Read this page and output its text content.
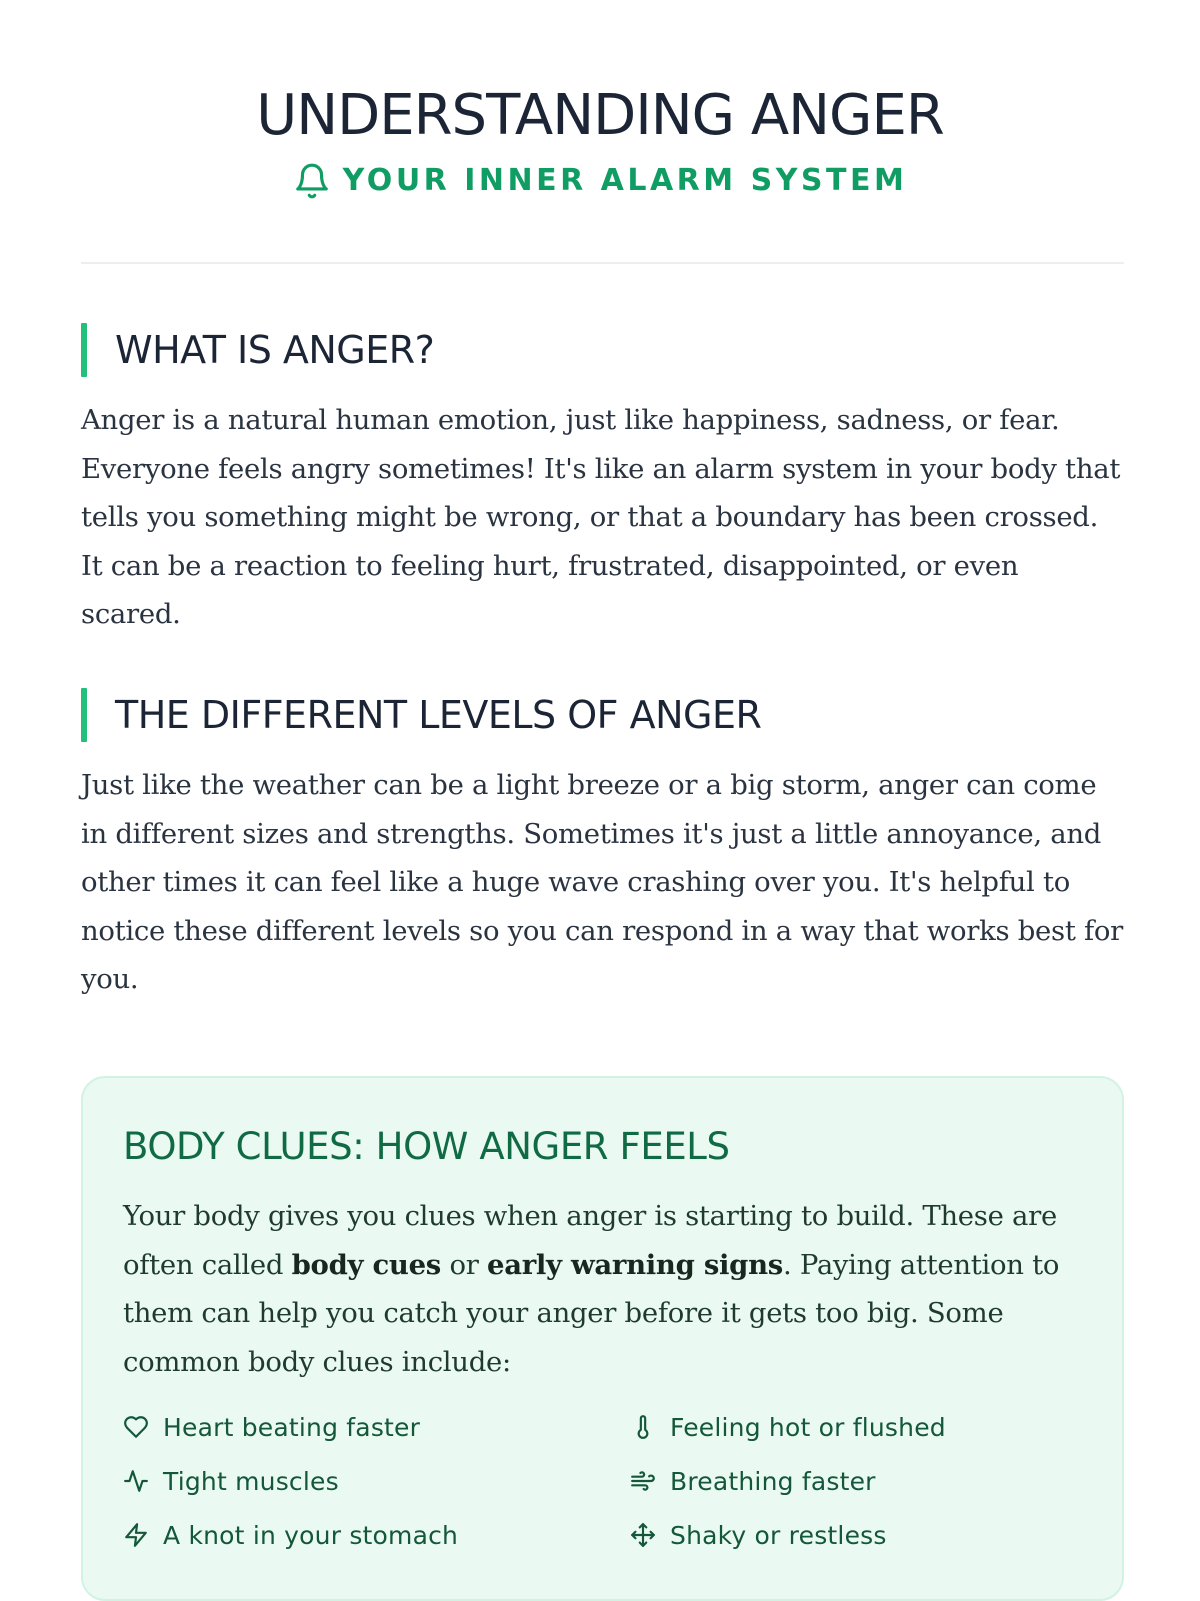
UNDERSTANDING ANGER
YOUR INNER ALARM SYSTEM
WHAT IS ANGER?

Anger is a natural human emotion, just like happiness, sadness, or fear. Everyone feels angry sometimes! It's like an alarm system in your body that tells you something might be wrong, or that a boundary has been crossed. It can be a reaction to feeling hurt, frustrated, disappointed, or even scared.

THE DIFFERENT LEVELS OF ANGER

Just like the weather can be a light breeze or a big storm, anger can come in different sizes and strengths. Sometimes it's just a little annoyance, and other times it can feel like a huge wave crashing over you. It's helpful to notice these different levels so you can respond in a way that works best for you.

BODY CLUES: HOW ANGER FEELS

Your body gives you clues when anger is starting to build. These are often called body cues or early warning signs. Paying attention to them can help you catch your anger before it gets too big. Some common body clues include:

Heart beating faster	Feeling hot or flushed
Tight muscles	Breathing faster
A knot in your stomach	Shaky or restless
